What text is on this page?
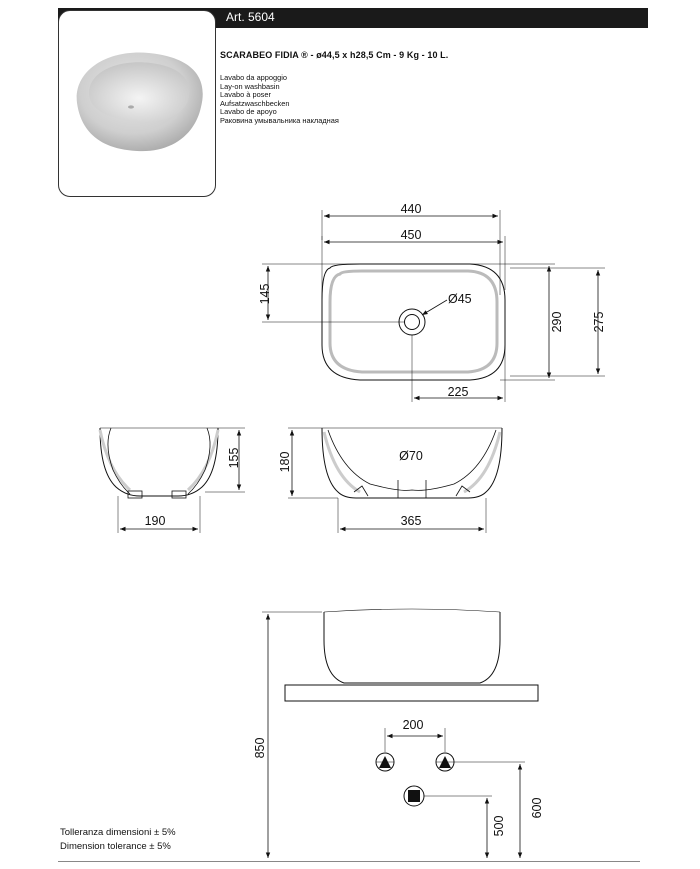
Art. 5604
SCARABEO FIDIA ® - ø44,5 x h28,5 Cm - 9 Kg - 10 L.
Lavabo da appoggio
Lay-on washbasin
Lavabo à poser
Aufsatzwaschbecken
Lavabo de apoyo
Раковина умывальника накладная
440
450
145	Ø45
290 275
225
190
155	Ø70
365
180
850
200
600
500
Tolleranza dimensioni ± 5%
Dimension tolerance ± 5%
